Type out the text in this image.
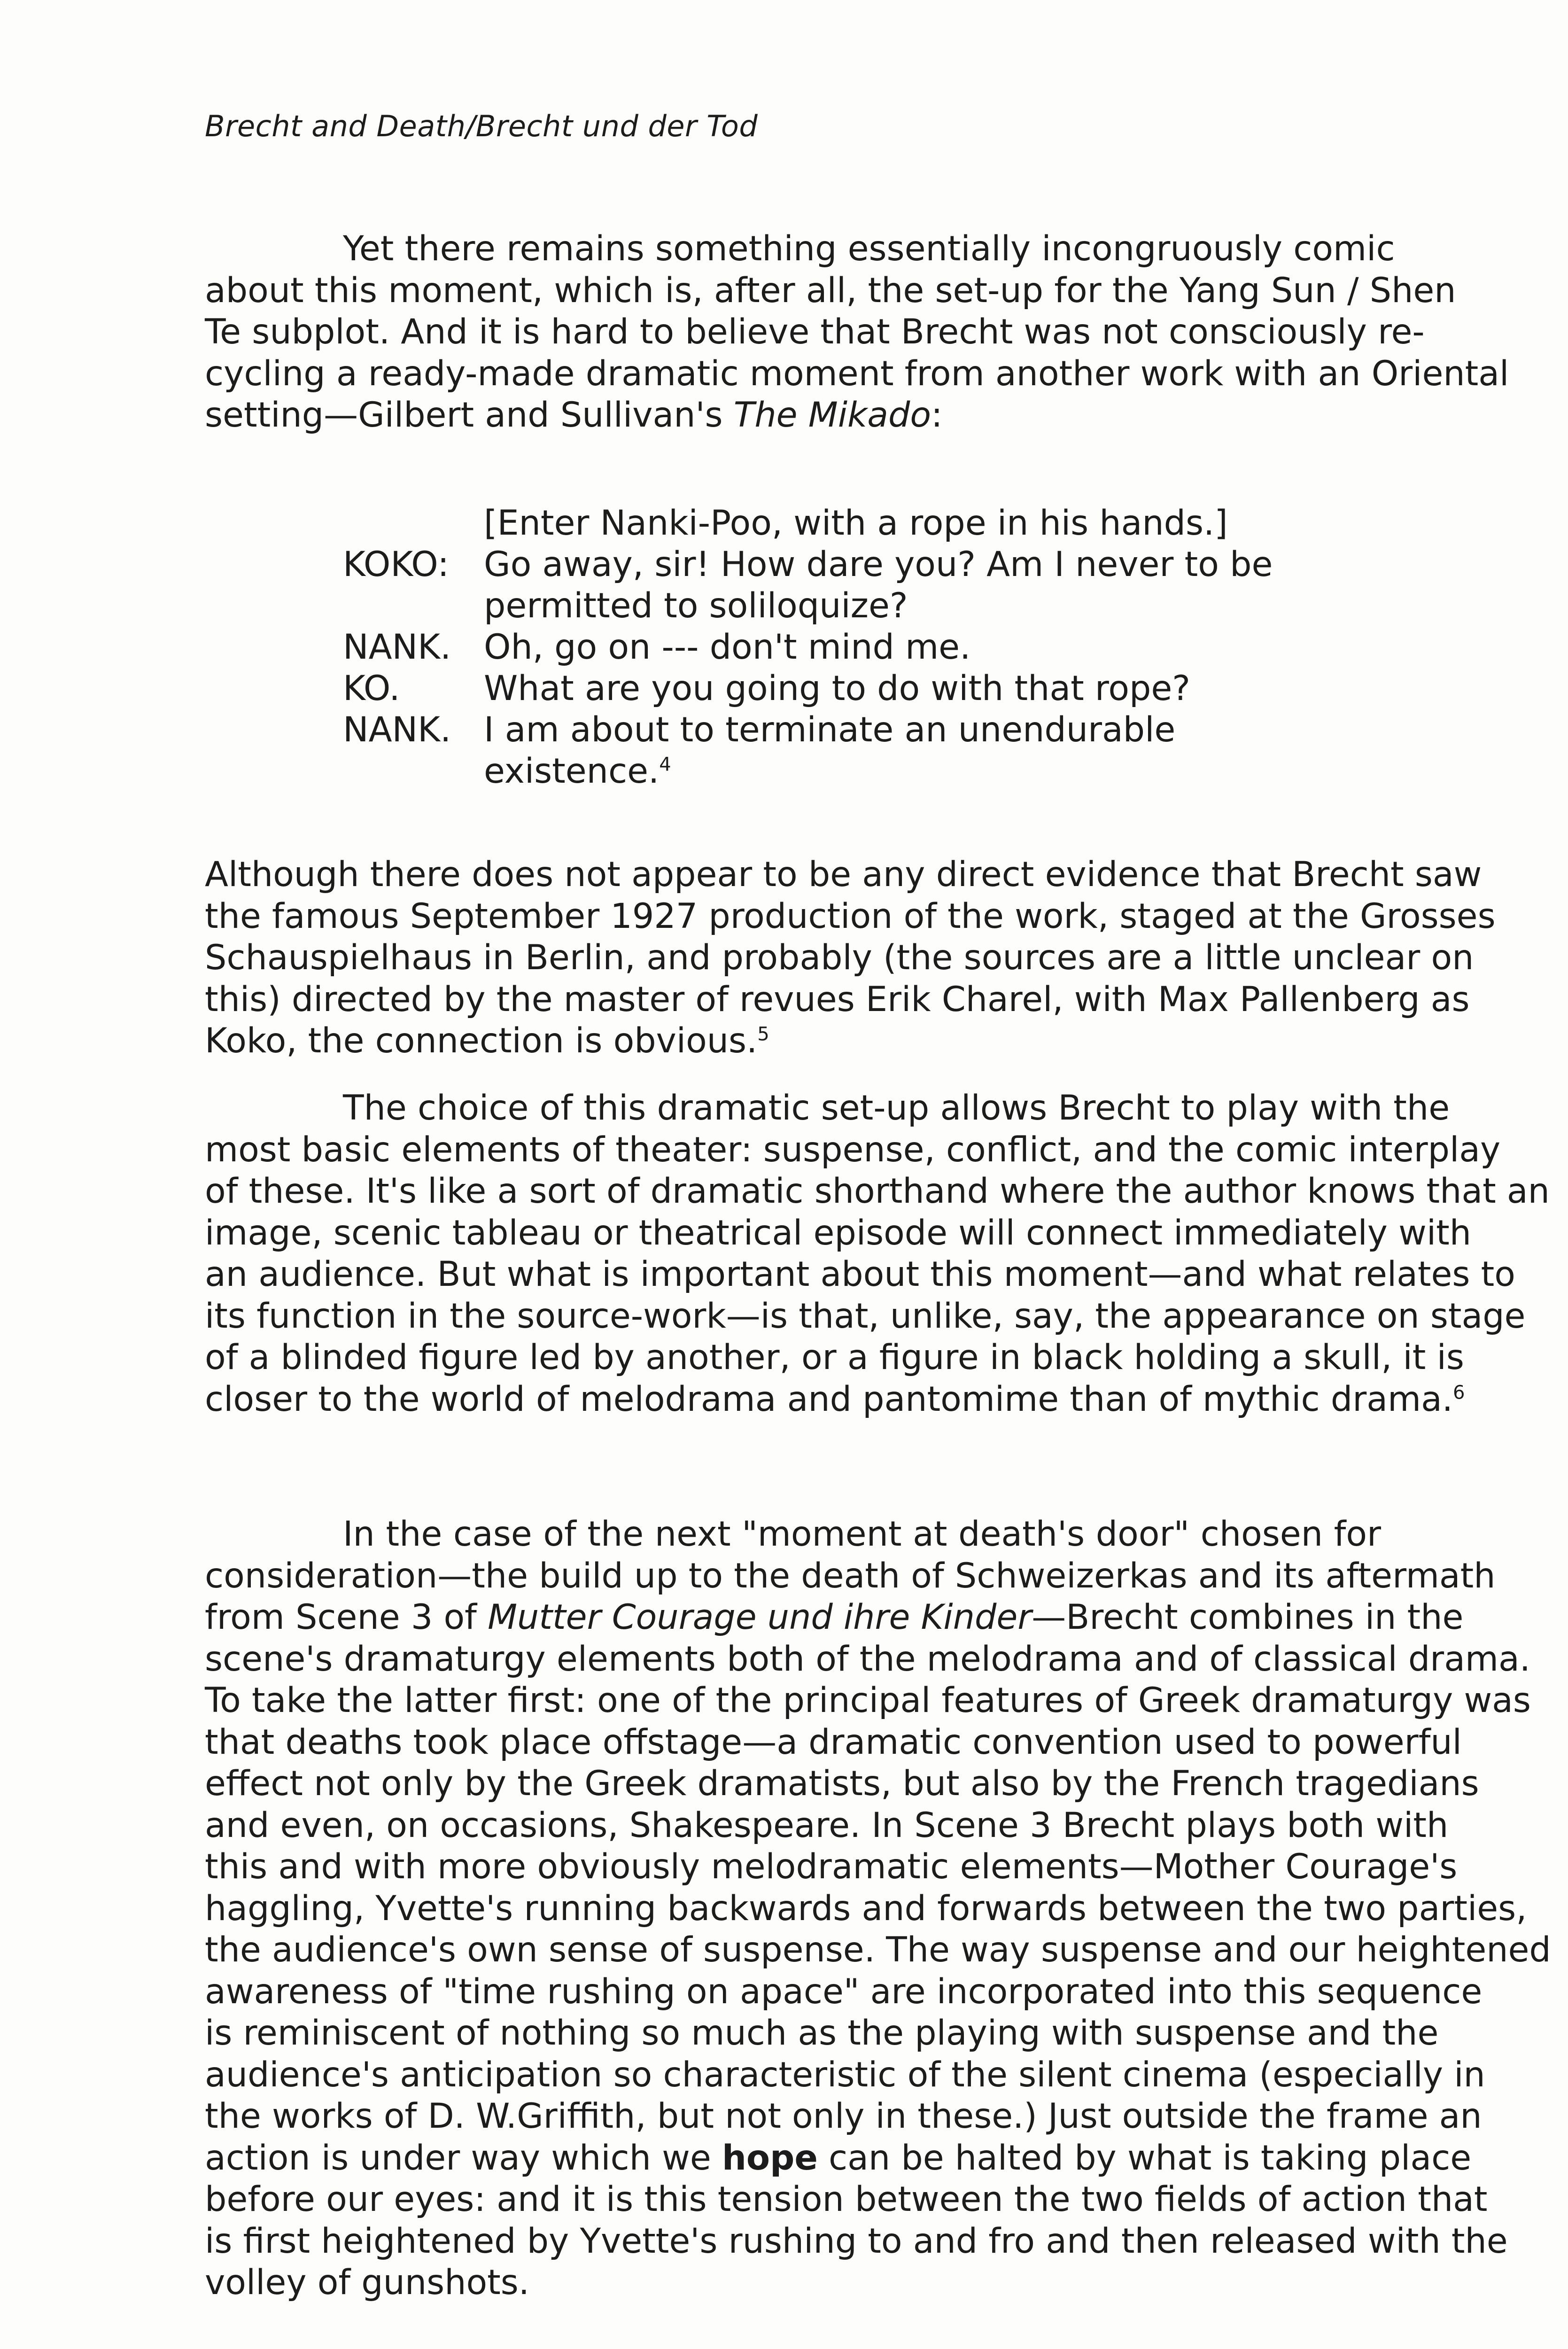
Brecht and Death/Brecht und der Tod
Yet there remains something essentially incongruously comic
about this moment, which is, after all, the set-up for the Yang Sun / Shen
Te subplot. And it is hard to believe that Brecht was not consciously re-
cycling a ready-made dramatic moment from another work with an Oriental
setting—Gilbert and Sullivan's The Mikado:
[Enter Nanki-Poo, with a rope in his hands.]
KOKO:	Go away, sir! How dare you? Am I never to be
permitted to soliloquize?
NANK. Oh, go on --- don't mind me.
KO.	What are you going to do with that rope?
NANK. I am about to terminate an unendurable
existence.$^4$
Although there does not appear to be any direct evidence that Brecht saw
the famous September 1927 production of the work, staged at the Grosses
Schauspielhaus in Berlin, and probably (the sources are a little unclear on
this) directed by the master of revues Erik Charel, with Max Pallenberg as
Koko, the connection is obvious.$^5$
The choice of this dramatic set-up allows Brecht to play with the
most basic elements of theater: suspense, conflict, and the comic interplay
of these. It's like a sort of dramatic shorthand where the author knows that an
image, scenic tableau or theatrical episode will connect immediately with
an audience. But what is important about this moment—and what relates to
its function in the source-work—is that, unlike, say, the appearance on stage
of a blinded figure led by another, or a figure in black holding a skull, it is
closer to the world of melodrama and pantomime than of mythic drama.$^6$
In the case of the next "moment at death's door" chosen for
consideration—the build up to the death of Schweizerkas and its aftermath
from Scene 3 of Mutter Courage und ihre Kinder—Brecht combines in the
scene's dramaturgy elements both of the melodrama and of classical drama.
To take the latter first: one of the principal features of Greek dramaturgy was
that deaths took place offstage—a dramatic convention used to powerful
effect not only by the Greek dramatists, but also by the French tragedians
and even, on occasions, Shakespeare. In Scene 3 Brecht plays both with
this and with more obviously melodramatic elements—Mother Courage's
haggling, Yvette's running backwards and forwards between the two parties,
the audience's own sense of suspense. The way suspense and our heightened
awareness of "time rushing on apace" are incorporated into this sequence
is reminiscent of nothing so much as the playing with suspense and the
audience's anticipation so characteristic of the silent cinema (especially in
the works of D. W.Griffith, but not only in these.) Just outside the frame an
action is under way which we hope can be halted by what is taking place
before our eyes: and it is this tension between the two fields of action that
is first heightened by Yvette's rushing to and fro and then released with the
volley of gunshots.
